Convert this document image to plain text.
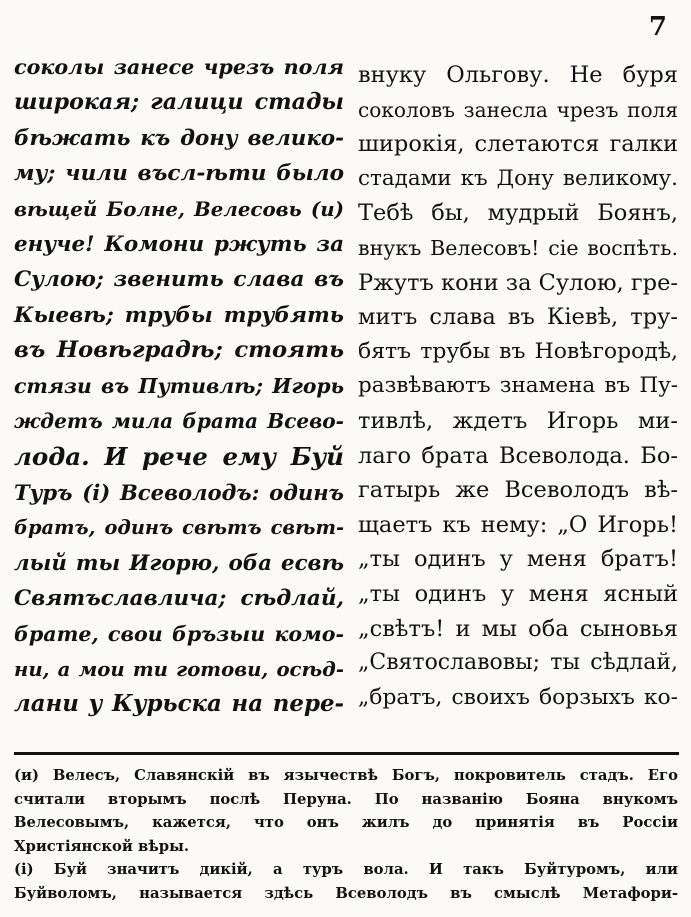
7
соколы занесе чрезъ поля
широкая; галици стады
бѣжать къ дону велико-
му; чили въсл-ѣти было
вѣщей Болне, Велесовь (и)
енуче! Комони ржуть за
Сулою; звенить слава въ
Кыевѣ; трубы трубять
въ Новѣградѣ; стоять
стязи въ Путивлѣ; Игорь
ждетъ мила брата Всево-
лода. И рече ему Буй
Туръ (і) Всеволодъ: одинъ
братъ, одинъ свѣтъ свѣт-
лый ты Игорю, оба есвѣ
Святъславлича; сѣдлай,
брате, свои бръзыи комо-
ни, а мои ти готови, осѣд-
лани у Курьска на пере-
внуку Ольгову. Не буря
соколовъ занесла чрезъ поля
широкія, слетаются галки
стадами къ Дону великому.
Тебѣ бы, мудрый Боянъ,
внукъ Велесовъ! сіе воспѣть.
Ржутъ кони за Сулою, гре-
митъ слава въ Кіевѣ, тру-
бятъ трубы въ Новѣгородѣ,
развѣваютъ знамена въ Пу-
тивлѣ, ждетъ Игорь ми-
лаго брата Всеволода. Бо-
гатырь же Всеволодъ вѣ-
щаетъ къ нему: „О Игорь!
„ты одинъ у меня братъ!
„ты одинъ у меня ясный
„свѣтъ! и мы оба сыновья
„Святославовы; ты сѣдлай,
„братъ, своихъ борзыхъ ко-
(и) Велесъ, Славянскій въ язычествѣ Богъ, покровитель стадъ. Его
считали вторымъ послѣ Перуна. По названію Бояна внукомъ
Велесовымъ, кажется, что онъ жилъ до принятія въ Россіи
Христіянской вѣры.
(і) Буй значитъ дикій, а туръ вола. И такъ Буйтуромъ, или
Буйволомъ, называется здѣсь Всеволодъ въ смыслѣ Метафори-
